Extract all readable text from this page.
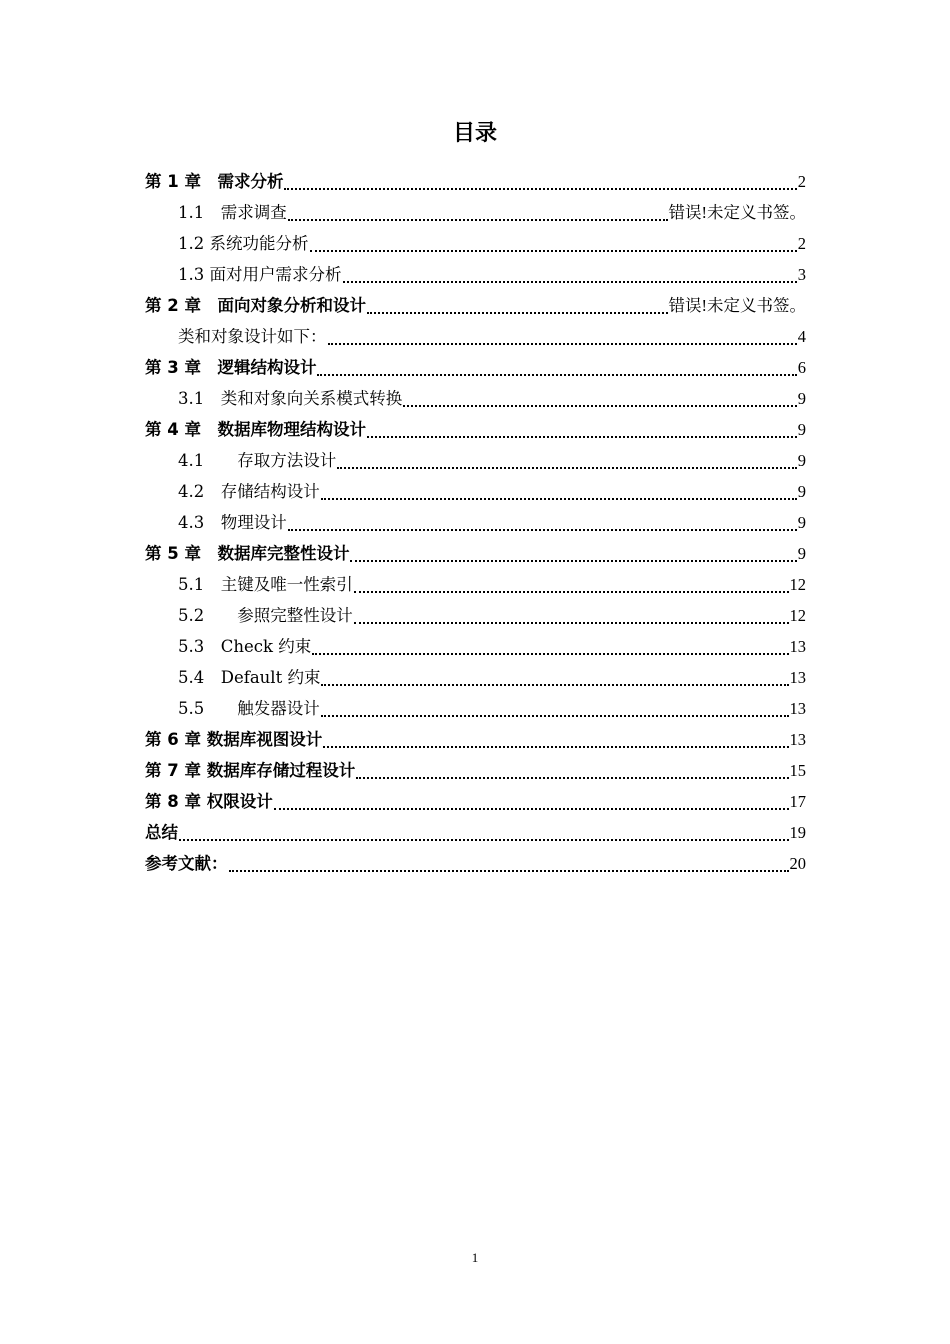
目录
第 1 章　需求分析	2
1.1　需求调查	错误!未定义书签。
1.2 系统功能分析	2
1.3 面对用户需求分析	3
第 2 章　面向对象分析和设计	错误!未定义书签。
类和对象设计如下：	4
第 3 章　逻辑结构设计	6
3.1　类和对象向关系模式转换	9
第 4 章　数据库物理结构设计	9
4.1　　存取方法设计	9
4.2　存储结构设计	9
4.3　物理设计	9
第 5 章　数据库完整性设计	9
5.1　主键及唯一性索引	12
5.2　　参照完整性设计	12
5.3　Check 约束	13
5.4　Default 约束	13
5.5　　触发器设计	13
第 6 章 数据库视图设计	13
第 7 章 数据库存储过程设计	15
第 8 章 权限设计	17
总结	19
参考文献：	20
1
